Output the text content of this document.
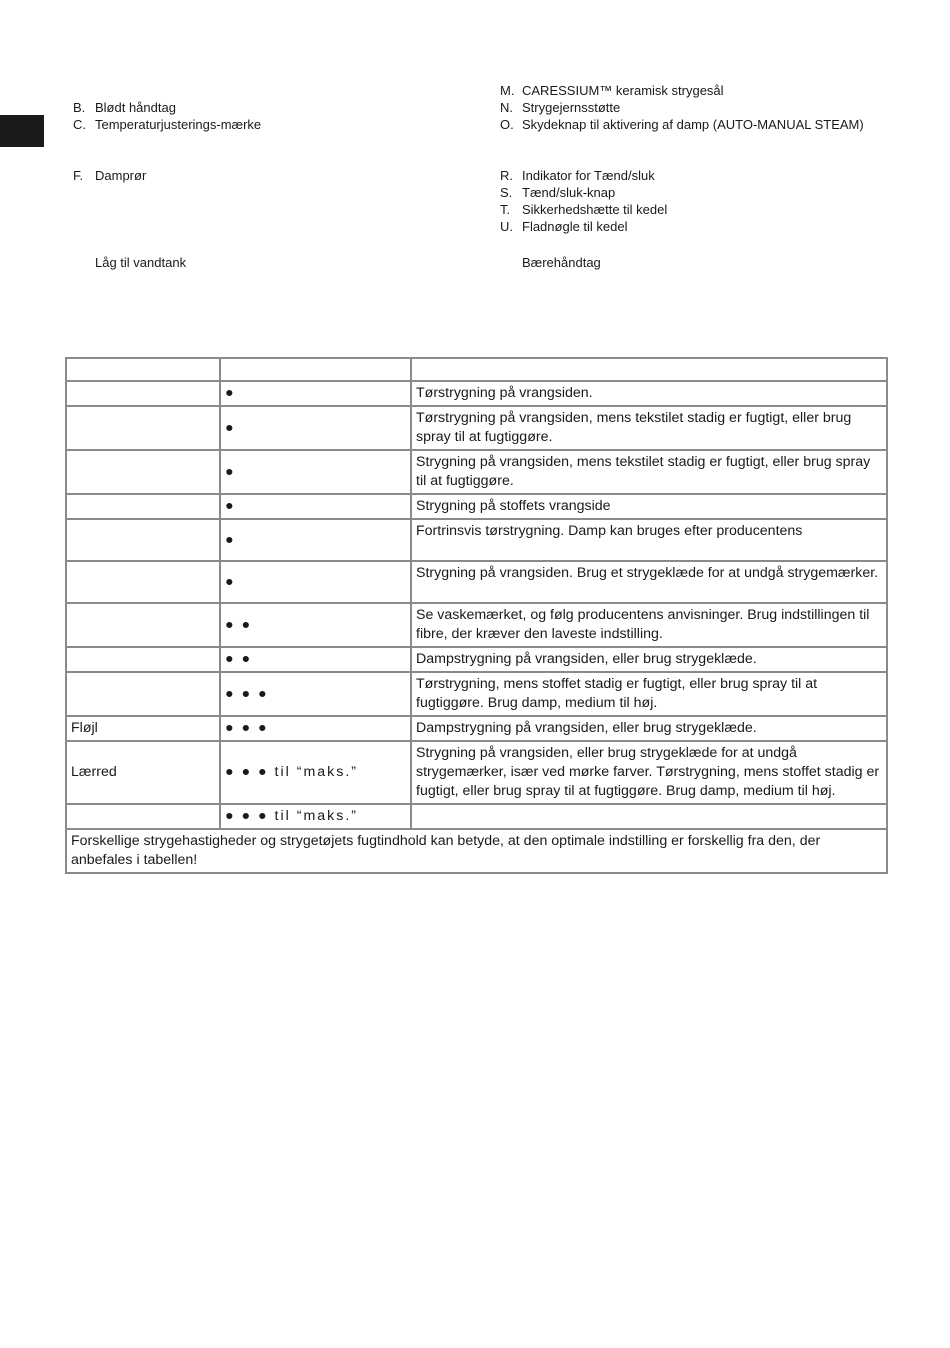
B. Blødt håndtag
C. Temperaturjusterings-mærke
F. Damprør
Låg til vandtank
M. CARESSIUM™ keramisk strygesål
N. Strygejernsstøtte
O. Skydeknap til aktivering af damp (AUTO-MANUAL STEAM)
R. Indikator for Tænd/sluk
S. Tænd/sluk-knap
T. Sikkerhedshætte til kedel
U. Fladnøgle til kedel
Bærehåndtag

	●	Tørstrygning på vrangsiden.
	●	Tørstrygning på vrangsiden, mens tekstilet stadig er fugtigt, eller brug spray til at fugtiggøre.
	●	Strygning på vrangsiden, mens tekstilet stadig er fugtigt, eller brug spray til at fugtiggøre.
	●	Strygning på stoffets vrangside
	●	Fortrinsvis tørstrygning. Damp kan bruges efter producentens
	●	Strygning på vrangsiden. Brug et strygeklæde for at undgå strygemærker.
	● ●	Se vaskemærket, og følg producentens anvisninger. Brug indstillingen til fibre, der kræver den laveste indstilling.
	● ●	Dampstrygning på vrangsiden, eller brug strygeklæde.
	● ● ●	Tørstrygning, mens stoffet stadig er fugtigt, eller brug spray til at fugtiggøre. Brug damp, medium til høj.
Fløjl	● ● ●	Dampstrygning på vrangsiden, eller brug strygeklæde.
Lærred	● ● ● til “maks.”	Strygning på vrangsiden, eller brug strygeklæde for at undgå strygemærker, især ved mørke farver. Tørstrygning, mens stoffet stadig er fugtigt, eller brug spray til at fugtiggøre. Brug damp, medium til høj.
	● ● ● til “maks.”	
Forskellige strygehastigheder og strygetøjets fugtindhold kan betyde, at den optimale indstilling er forskellig fra den, der anbefales i tabellen!		
